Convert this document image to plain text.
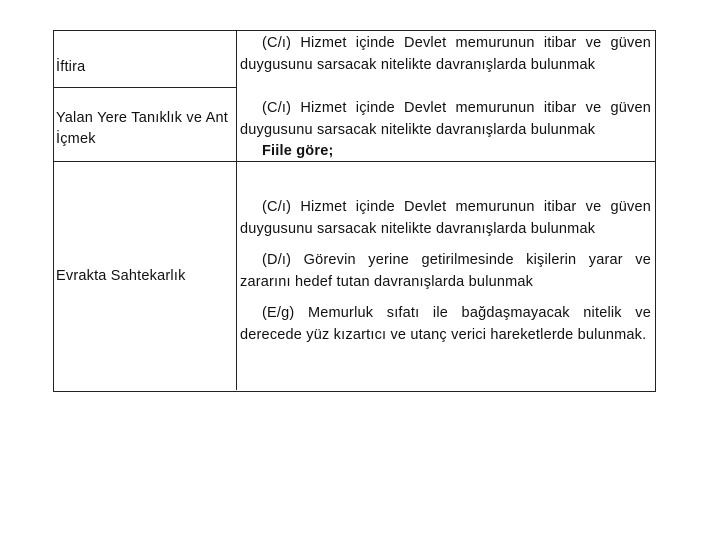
İftira

(C/ı) Hizmet içinde Devlet memurunun itibar ve güven duygusunu sarsacak nitelikte davranışlarda bulunmak

Yalan Yere Tanıklık ve Ant İçmek

(C/ı) Hizmet içinde Devlet memurunun itibar ve güven duygusunu sarsacak nitelikte davranışlarda bulunmak

Fiile göre;

Evrakta Sahtekarlık

(C/ı) Hizmet içinde Devlet memurunun itibar ve güven duygusunu sarsacak nitelikte davranışlarda bulunmak

(D/ı) Görevin yerine getirilmesinde kişilerin yarar ve zararını hedef tutan davranışlarda bulunmak

(E/g) Memurluk sıfatı ile bağdaşmayacak nitelik ve derecede yüz kızartıcı ve utanç verici hareketlerde bulunmak.
